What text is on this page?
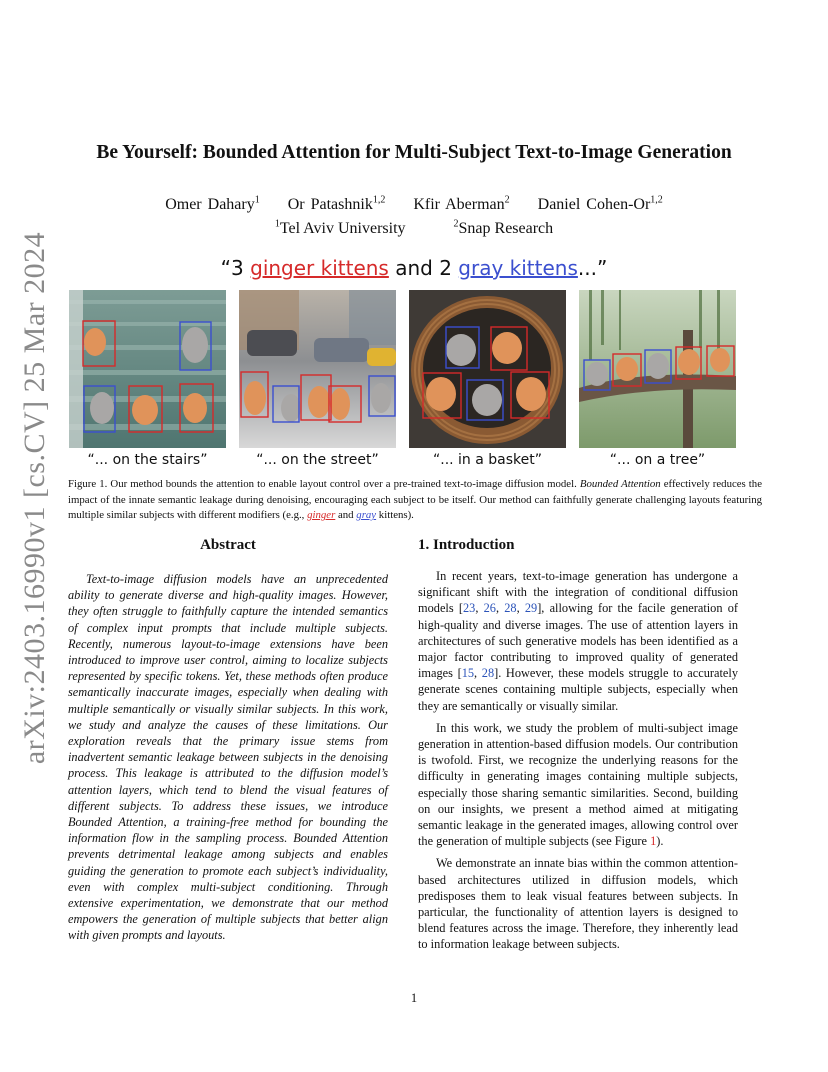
arXiv:2403.16990v1 [cs.CV] 25 Mar 2024
Be Yourself: Bounded Attention for Multi-Subject Text-to-Image Generation
Omer Dahary$^1$ Or Patashnik$^{1,2}$ Kfir Aberman$^2$ Daniel Cohen-Or$^{1,2}$
$^1$Tel Aviv University	$^2$Snap Research
“3 ginger kittens and 2 gray kittens...”
“... on the stairs”	“... on the street”	“... in a basket”	“... on a tree”
Figure 1. Our method bounds the attention to enable layout control over a pre-trained text-to-image diffusion model. Bounded Attention effectively reduces the impact of the innate semantic leakage during denoising, encouraging each subject to be itself. Our method can faithfully generate challenging layouts featuring multiple similar subjects with different modifiers (e.g., ginger and gray kittens).
Abstract
Text-to-image diffusion models have an unprecedented ability to generate diverse and high-quality images. However, they often struggle to faithfully capture the intended semantics of complex input prompts that include multiple subjects. Recently, numerous layout-to-image extensions have been introduced to improve user control, aiming to localize subjects represented by specific tokens. Yet, these methods often produce semantically inaccurate images, especially when dealing with multiple semantically or visually similar subjects. In this work, we study and analyze the causes of these limitations. Our exploration reveals that the primary issue stems from inadvertent semantic leakage between subjects in the denoising process. This leakage is attributed to the diffusion model’s attention layers, which tend to blend the visual features of different subjects. To address these issues, we introduce Bounded Attention, a training-free method for bounding the information flow in the sampling process. Bounded Attention prevents detrimental leakage among subjects and enables guiding the generation to promote each subject’s individuality, even with complex multi-subject conditioning. Through extensive experimentation, we demonstrate that our method empowers the generation of multiple subjects that better align with given prompts and layouts.
1. Introduction

In recent years, text-to-image generation has undergone a significant shift with the integration of conditional diffusion models [23, 26, 28, 29], allowing for the facile generation of high-quality and diverse images. The use of attention layers in architectures of such generative models has been identified as a major factor contributing to improved quality of generated images [15, 28]. However, these models struggle to accurately generate scenes containing multiple subjects, especially when they are semantically or visually similar.

In this work, we study the problem of multi-subject image generation in attention-based diffusion models. Our contribution is twofold. First, we recognize the underlying reasons for the difficulty in generating images containing multiple subjects, especially those sharing semantic similarities. Second, building on our insights, we present a method aimed at mitigating semantic leakage in the generated images, allowing control over the generation of multiple subjects (see Figure 1).

We demonstrate an innate bias within the common attention-based architectures utilized in diffusion models, which predisposes them to leak visual features between subjects. In particular, the functionality of attention layers is designed to blend features across the image. Therefore, they inherently lead to information leakage between subjects.

1
